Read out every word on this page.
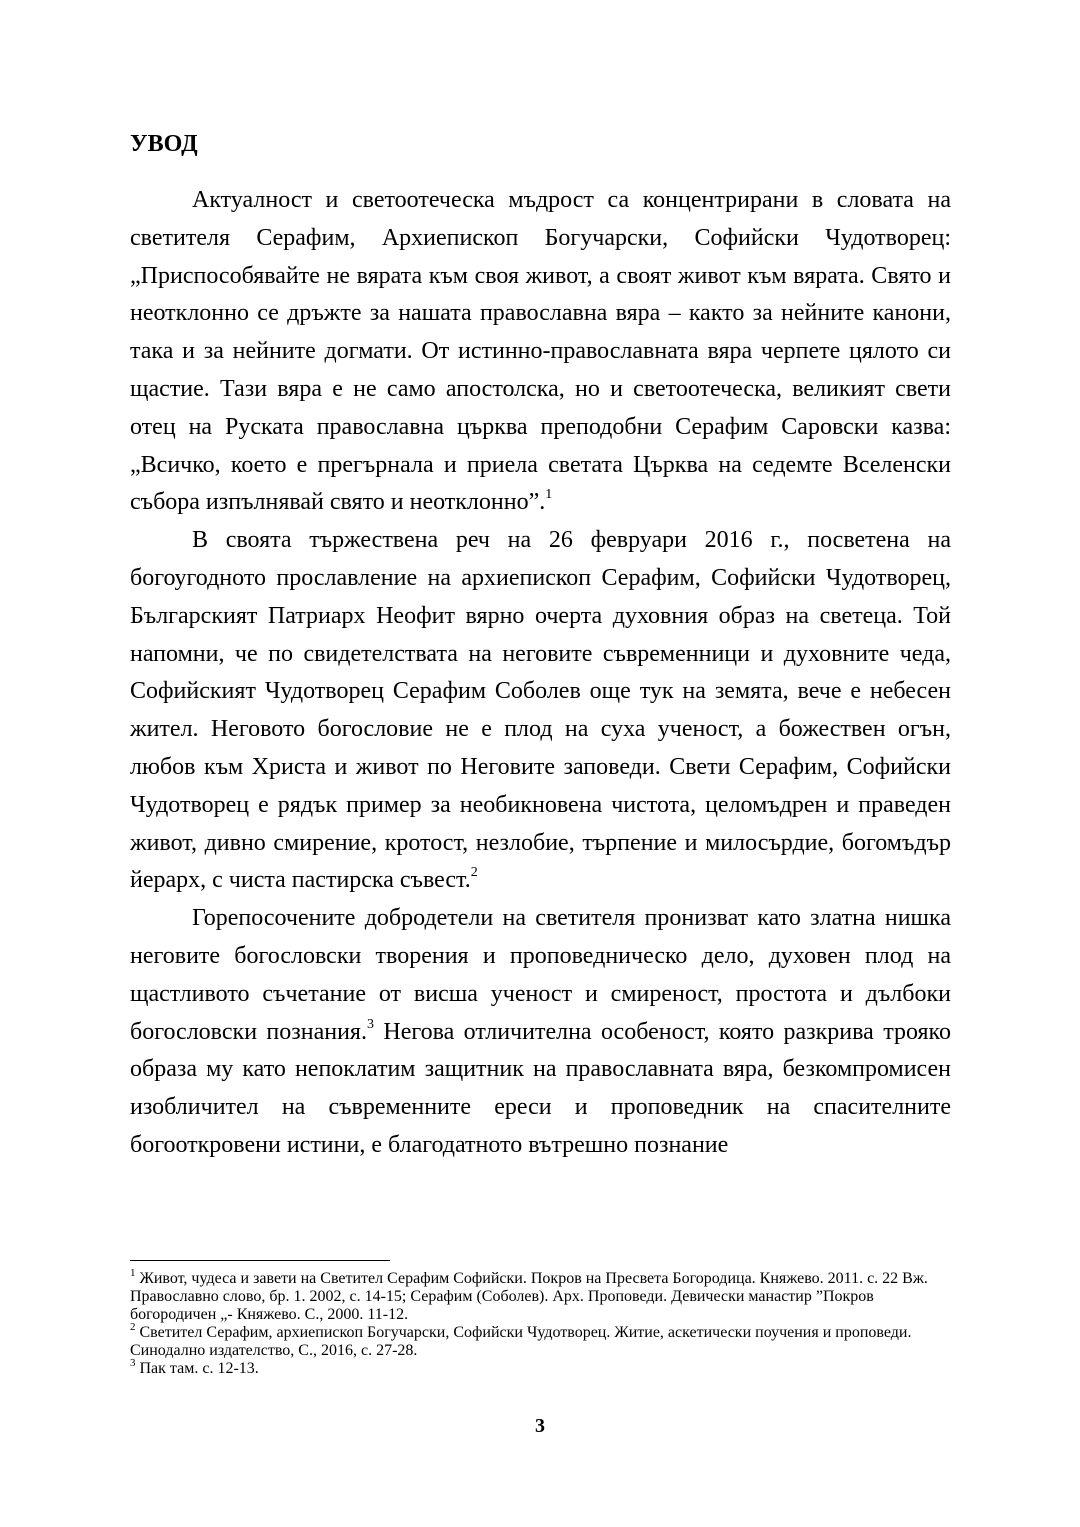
УВОД

Актуалност и светоотеческа мъдрост са концентрирани в словата на светителя Серафим, Архиепископ Богучарски, Софийски Чудотворец: „Приспособявайте не вярата към своя живот, а своят живот към вярата. Свято и неотклонно се дръжте за нашата православна вяра – както за нейните канони, така и за нейните догмати. От истинно-православната вяра черпете цялото си щастие. Тази вяра е не само апостолска, но и светоотеческа, великият свети отец на Руската православна църква преподобни Серафим Саровски казва: „Всичко, което е прегърнала и приела светата Църква на седемте Вселенски събора изпълнявай свято и неотклонно”.$^1$

В своята тържествена реч на 26 февруари 2016 г., посветена на богоугодното прославление на архиепископ Серафим, Софийски Чудотворец, Българският Патриарх Неофит вярно очерта духовния образ на светеца. Той напомни, че по свидетелствата на неговите съвременници и духовните чеда, Софийският Чудотворец Серафим Соболев още тук на земята, вече е небесен жител. Неговото богословие не е плод на суха ученост, а божествен огън, любов към Христа и живот по Неговите заповеди. Свети Серафим, Софийски Чудотворец е рядък пример за необикновена чистота, целомъдрен и праведен живот, дивно смирение, кротост, незлобие, търпение и милосърдие, богомъдър йерарх, с чиста пастирска съвест.$^2$

Горепосочените добродетели на светителя пронизват като златна нишка неговите богословски творения и проповедническо дело, духовен плод на щастливото съчетание от висша ученост и смиреност, простота и дълбоки богословски познания.$^3$ Негова отличителна особеност, която разкрива трояко образа му като непоклатим защитник на православната вяра, безкомпромисен изобличител на съвременните ереси и проповедник на спасителните богооткровени истини, е благодатното вътрешно познание

$^1$ Живот, чудеса и завети на Светител Серафим Софийски. Покров на Пресвета Богородица. Княжево. 2011. с. 22 Вж. Православно слово, бр. 1. 2002, с. 14-15; Серафим (Соболев). Арх. Проповеди. Девически манастир ”Покров богородичен „- Княжево. С., 2000. 11-12.

$^2$ Светител Серафим, архиепископ Богучарски, Софийски Чудотворец. Житие, аскетически поучения и проповеди. Синодално издателство, С., 2016, с. 27-28.

$^3$ Пак там. с. 12-13.

3
